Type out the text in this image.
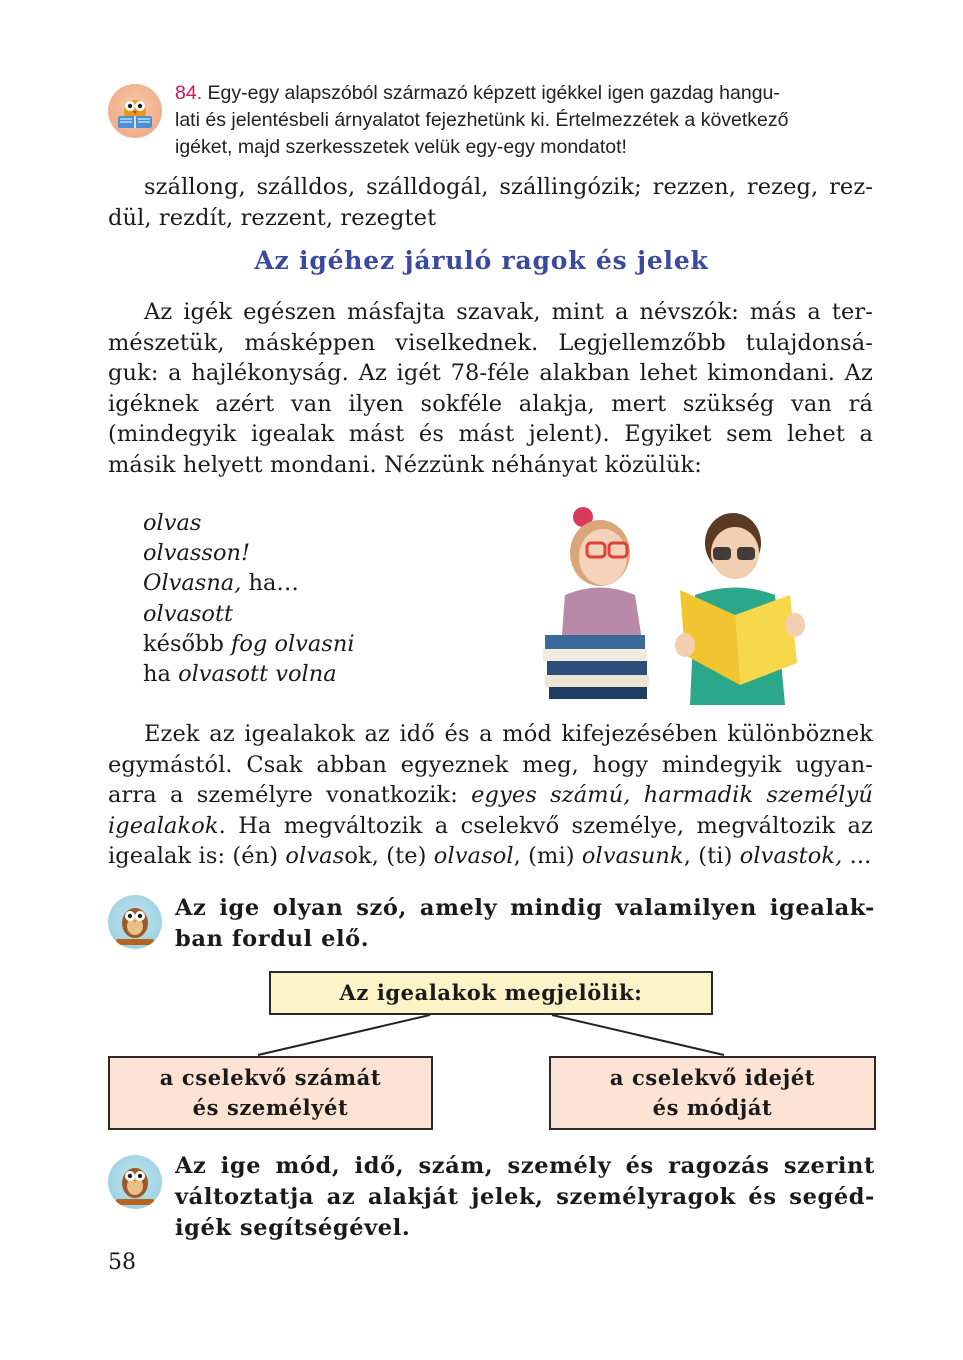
84. Egy-egy alapszóból származó képzett igékkel igen gazdag hangu-
lati és jelentésbeli árnyalatot fejezhetünk ki. Értelmezzétek a következő
igéket, majd szerkesszetek velük egy-egy mondatot!
szállong, szálldos, szálldogál, szállingózik; rezzen, rezeg, rez- dül, rezdít, rezzent, rezegtet
Az igéhez járuló ragok és jelek
Az igék egészen másfajta szavak, mint a névszók: más a ter- mészetük, másképpen viselkednek. Legjellemzőbb tulajdonsá- guk: a hajlékonyság. Az igét 78-féle alakban lehet kimondani. Az igéknek azért van ilyen sokféle alakja, mert szükség van rá (mindegyik igealak mást és mást jelent). Egyiket sem lehet a másik helyett mondani. Nézzünk néhányat közülük:
olvas
olvasson!
Olvasna, ha…
olvasott
később fog olvasni
ha olvasott volna
Ezek az igealakok az idő és a mód kifejezésében különböznek egymástól. Csak abban egyeznek meg, hogy mindegyik ugyan- arra a személyre vonatkozik: egyes számú, harmadik személyű igealakok. Ha megváltozik a cselekvő személye, megváltozik az igealak is: (én) olvasok, (te) olvasol, (mi) olvasunk, (ti) olvastok, ...
Az ige olyan szó, amely mindig valamilyen igealak- ban fordul elő.
Az igealakok megjelölik:
a cselekvő számát
és személyét
a cselekvő idejét
és módját
Az ige mód, idő, szám, személy és ragozás szerint változtatja az alakját jelek, személyragok és segéd- igék segítségével.
58
